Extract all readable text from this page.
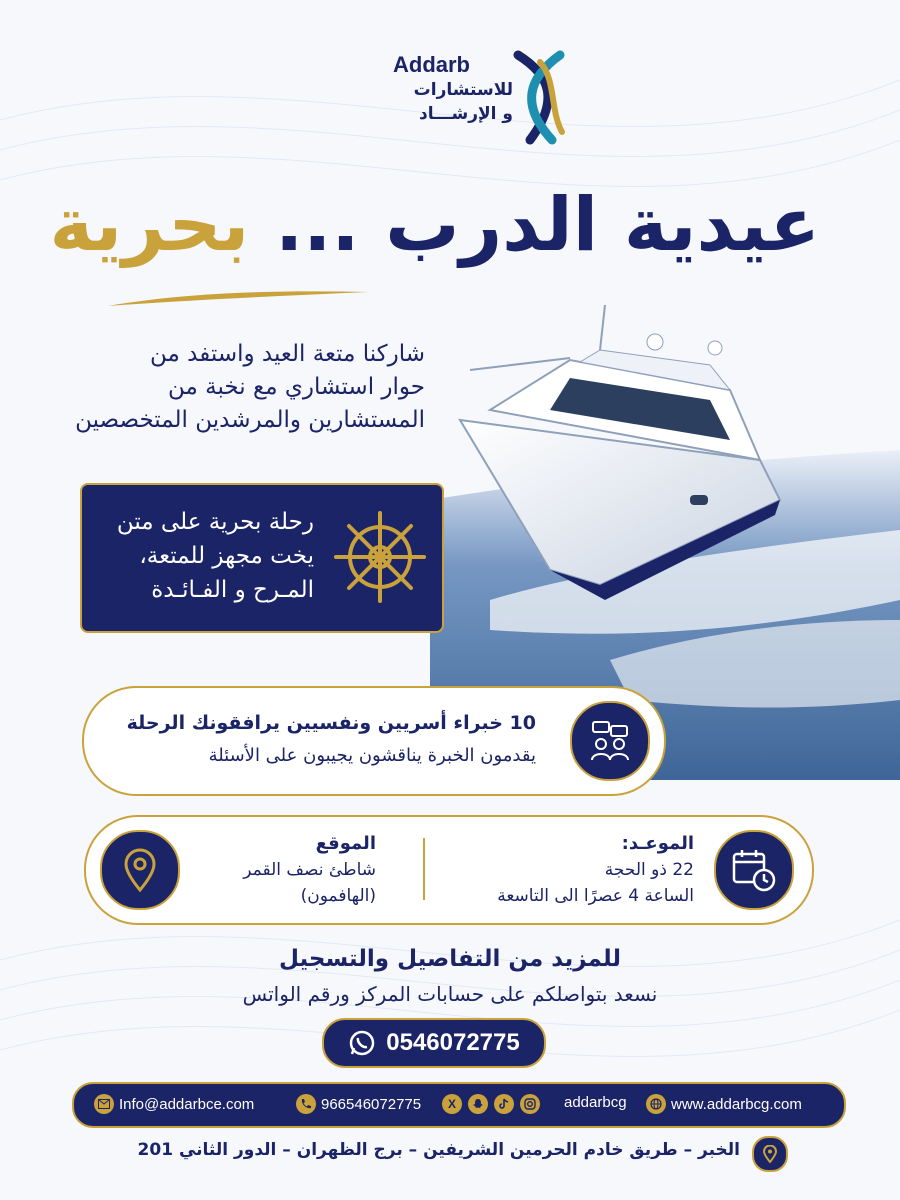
Addarb
للاستشارات
و الإرشـــاد
عيدية الدرب ... بحرية
شاركنا متعة العيد واستفد من
حوار استشاري مع نخبة من
المستشارين والمرشدين المتخصصين
رحلة بحرية على متن
يخت مجهز للمتعة،
المـرح و الفـائـدة
10 خبراء أسريين ونفسيين يرافقونك الرحلة
يقدمون الخبرة يناقشون يجيبون على الأسئلة
الموعـد:
22 ذو الحجة
الساعة 4 عصرًا الى التاسعة
الموقع
شاطئ نصف القمر
(الهافمون)
للمزيد من التفاصيل والتسجيل
نسعد بتواصلكم على حسابات المركز ورقم الواتس
0546072775
Info@addarbce.com	966546072775 X	addarbcg	www.addarbcg.com
الخبر – طريق خادم الحرمين الشريفين – برج الظهران – الدور الثاني 201
